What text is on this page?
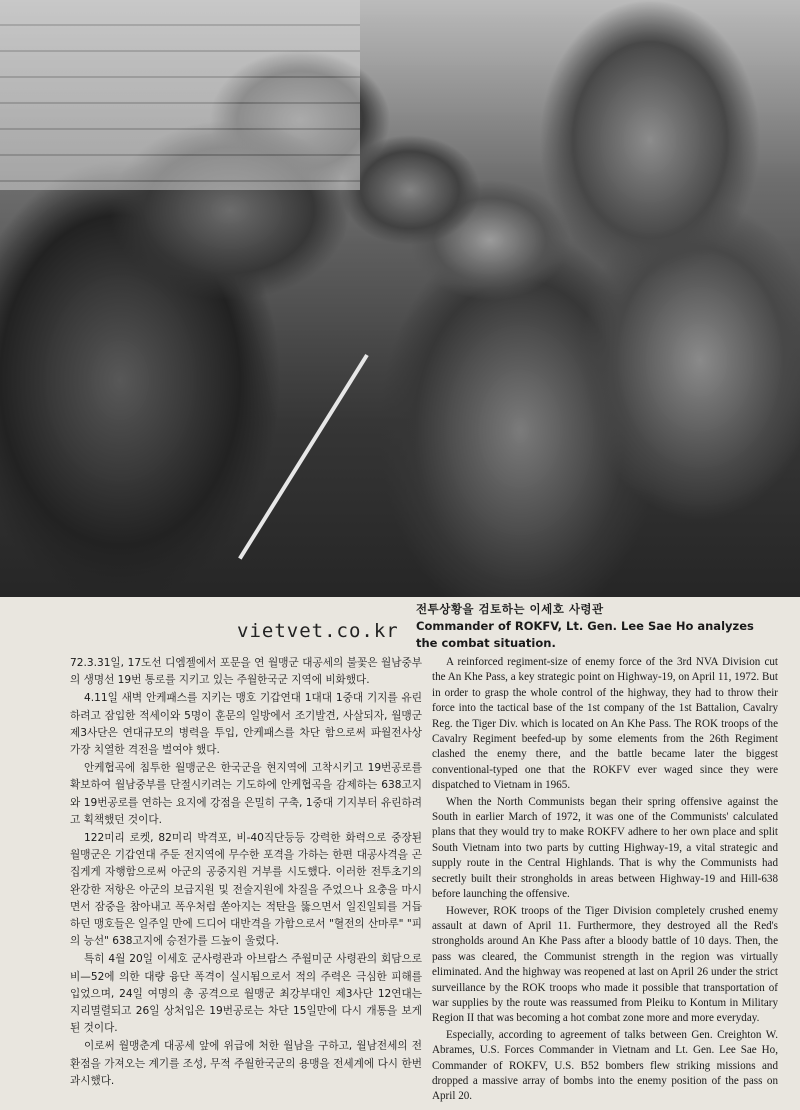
전투상황을 검토하는 이세호 사령관
Commander of ROKFV, Lt. Gen. Lee Sae Ho analyzes the combat situation.
vietvet.co.kr

72.3.31일, 17도선 디엠젤에서 포문을 연 월맹군 대공세의 불꽃은 월남중부의 생명선 19번 통로를 지키고 있는 주월한국군 지역에 비화했다.

4.11일 새벽 안케패스를 지키는 맹호 기갑연대 1대대 1중대 기지를 유린하려고 잠입한 적세이와 5명이 훈문의 일방에서 조기발견, 사살되자, 월맹군 제3사단은 연대규모의 병력을 투입, 안케패스를 차단 함으로써 파월전사상 가장 치열한 격전을 벌여야 했다.

안케협곡에 침투한 월맹군은 한국군을 현지역에 고착시키고 19번공로를 확보하여 월남중부를 단절시키려는 기도하에 안케협곡을 감제하는 638고지와 19번공로를 연하는 요지에 강점을 은밀히 구축, 1중대 기지부터 유린하려고 획책했던 것이다.

122미리 로켓, 82미리 박격포, 비-40직단등등 강력한 화력으로 중장된 월맹군은 기갑연대 주둔 전지역에 무수한 포격을 가하는 한편 대공사격을 곤집게게 자행함으로써 아군의 공중지원 거부를 시도했다. 이러한 전투초기의 완강한 저항은 아군의 보급지원 및 전술지원에 차질을 주었으나 요충을 마시면서 잠중을 참아내고 폭우처럼 쏟아지는 적탄을 뚫으면서 일진일퇴를 거듭하던 맹호들은 일주일 만에 드디어 대반격을 가함으로서 "혈전의 산마루" "피의 능선" 638고지에 승전가를 드높이 울렸다.

특히 4월 20일 이세호 군사령관과 아브람스 주월미군 사령관의 회담으로 비—52에 의한 대량 융단 폭격이 실시됨으로서 적의 주력은 극심한 피해를 입었으며, 24일 여명의 총 공격으로 월맹군 최강부대인 제3사단 12연대는 지리멸렬되고 26일 상처입은 19번공로는 차단 15일만에 다시 개통을 보게 된 것이다.

이로써 월맹춘계 대공세 앞에 위급에 처한 월남을 구하고, 월남전세의 전환점을 가져오는 계기를 조성, 무적 주월한국군의 용맹을 전세계에 다시 한번 과시했다.

A reinforced regiment-size of enemy force of the 3rd NVA Division cut the An Khe Pass, a key strategic point on Highway-19, on April 11, 1972. But in order to grasp the whole control of the highway, they had to throw their force into the tactical base of the 1st company of the 1st Battalion, Cavalry Reg. the Tiger Div. which is located on An Khe Pass. The ROK troops of the Cavalry Regiment beefed-up by some elements from the 26th Regiment clashed the enemy there, and the battle became later the biggest conventional-typed one that the ROKFV ever waged since they were dispatched to Vietnam in 1965.

When the North Communists began their spring offensive against the South in earlier March of 1972, it was one of the Communists' calculated plans that they would try to make ROKFV adhere to her own place and split South Vietnam into two parts by cutting Highway-19, a vital strategic and supply route in the Central Highlands. That is why the Communists had secretly built their strongholds in areas between Highway-19 and Hill-638 before launching the offensive.

However, ROK troops of the Tiger Division completely crushed enemy assault at dawn of April 11. Furthermore, they destroyed all the Red's strongholds around An Khe Pass after a bloody battle of 10 days. Then, the pass was cleared, the Communist strength in the region was virtually eliminated. And the highway was reopened at last on April 26 under the strict surveillance by the ROK troops who made it possible that transportation of war supplies by the route was reassumed from Pleiku to Kontum in Military Region II that was becoming a hot combat zone more and more everyday.

Especially, according to agreement of talks between Gen. Creighton W. Abrames, U.S. Forces Commander in Vietnam and Lt. Gen. Lee Sae Ho, Commander of ROKFV, U.S. B52 bombers flew striking missions and dropped a massive array of bombs into the enemy position of the pass on April 20.
